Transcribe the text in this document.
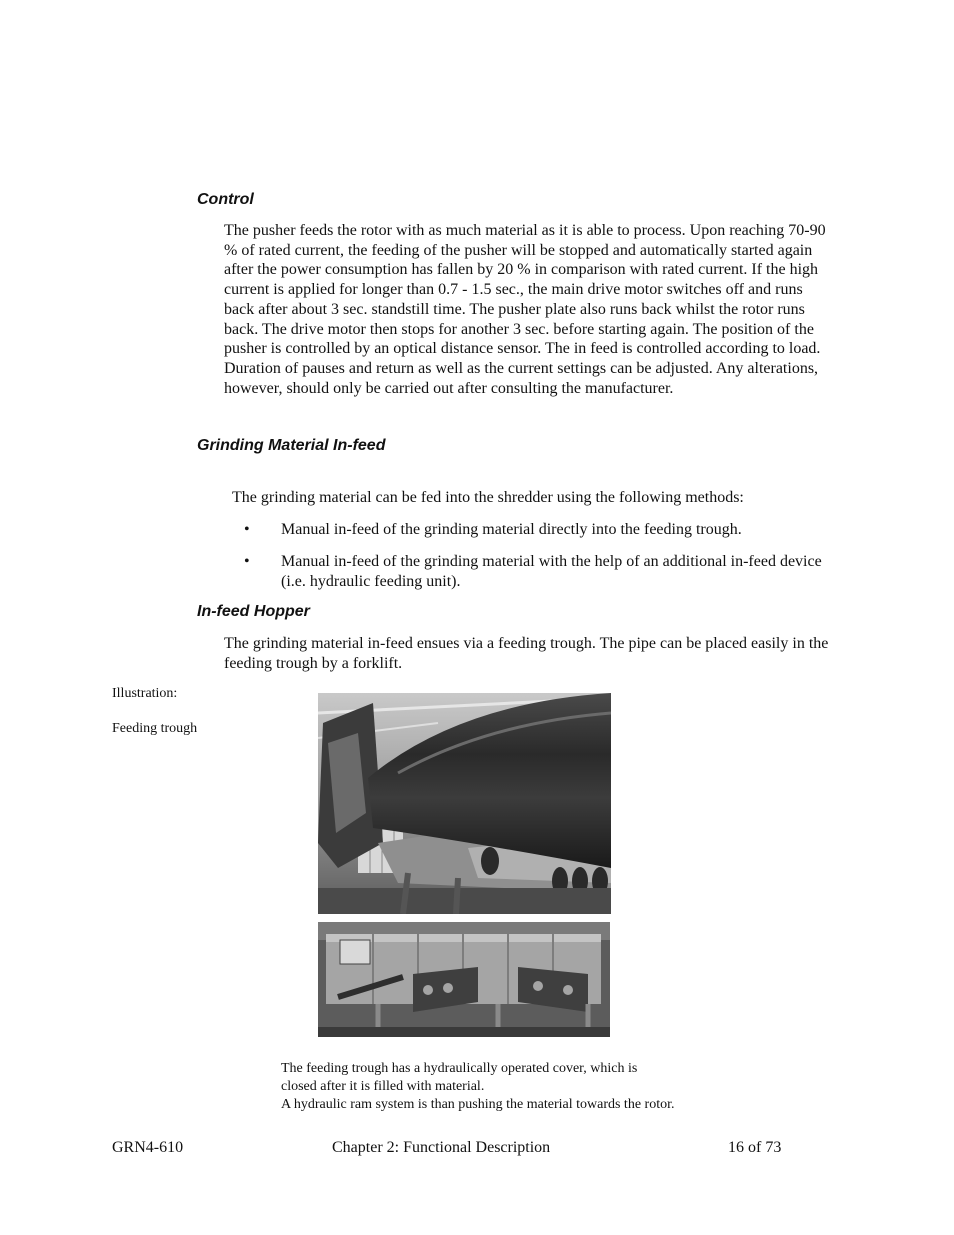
Control
The pusher feeds the rotor with as much material as it is able to process. Upon reaching 70-90 % of rated current, the feeding of the pusher will be stopped and automatically started again after the power consumption has fallen by 20 % in comparison with rated current. If the high current is applied for longer than 0.7 - 1.5 sec., the main drive motor switches off and runs back after about 3 sec. standstill time. The pusher plate also runs back whilst the rotor runs back. The drive motor then stops for another 3 sec. before starting again. The position of the pusher is controlled by an optical distance sensor. The in feed is controlled according to load. Duration of pauses and return as well as the current settings can be adjusted. Any alterations, however, should only be carried out after consulting the manufacturer.
Grinding Material In-feed
The grinding material can be fed into the shredder using the following methods:
• Manual in-feed of the grinding material directly into the feeding trough.
• Manual in-feed of the grinding material with the help of an additional in-feed device (i.e. hydraulic feeding unit).
In-feed Hopper
The grinding material in-feed ensues via a feeding trough. The pipe can be placed easily in the feeding trough by a forklift.
Illustration:
Feeding trough
The feeding trough has a hydraulically operated cover, which is
closed after it is filled with material.
A hydraulic ram system is than pushing the material towards the rotor.
GRN4-610	Chapter 2: Functional Description	16 of 73
